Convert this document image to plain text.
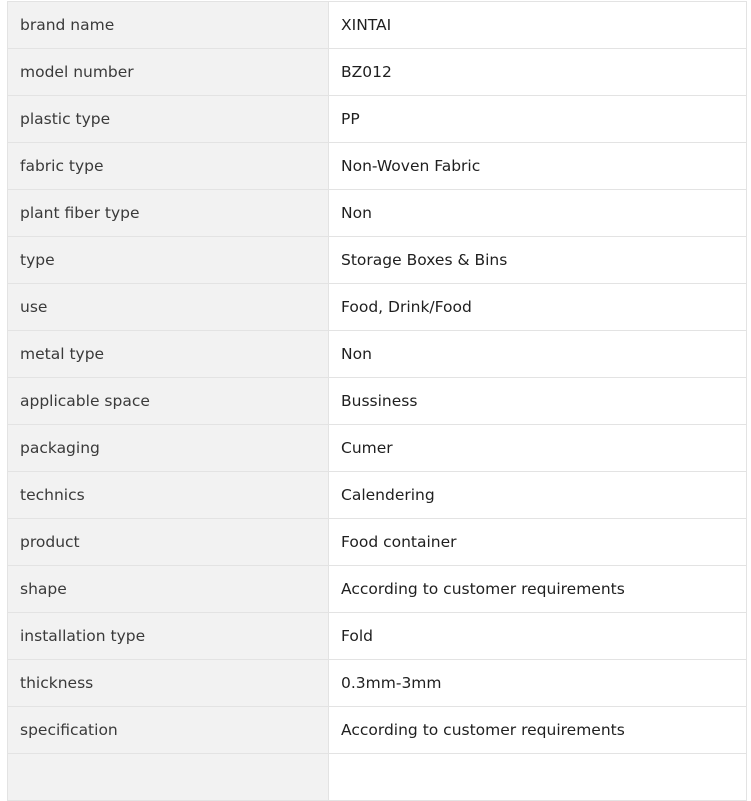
brand name	XINTAI
model number	BZ012
plastic type	PP
fabric type	Non-Woven Fabric
plant fiber type	Non
type	Storage Boxes & Bins
use	Food, Drink/Food
metal type	Non
applicable space	Bussiness
packaging	Cumer
technics	Calendering
product	Food container
shape	According to customer requirements
installation type	Fold
thickness	0.3mm-3mm
specification	According to customer requirements
